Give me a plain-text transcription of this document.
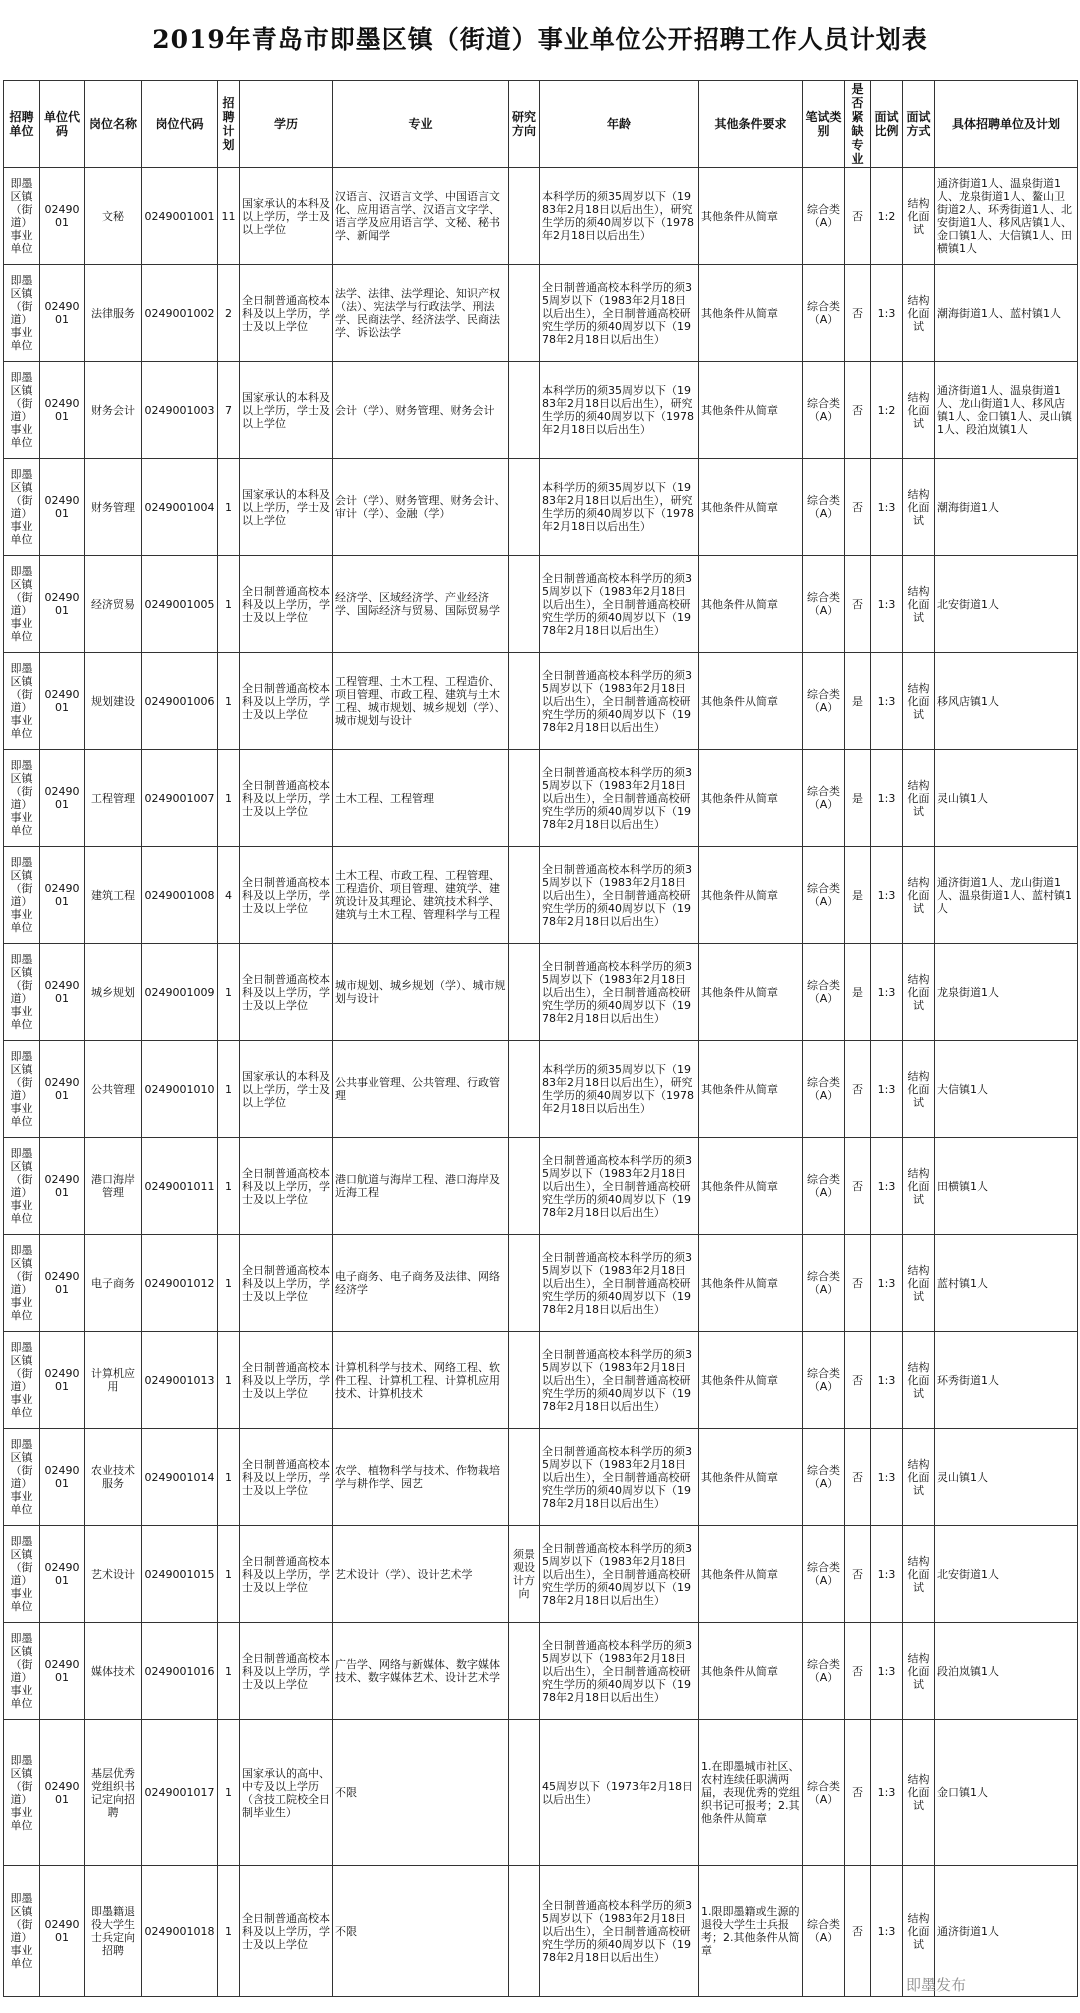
2019年青岛市即墨区镇（街道）事业单位公开招聘工作人员计划表
招聘单位	单位代码	岗位名称	岗位代码	招聘计划	学历	专业	研究方向	年龄	其他条件要求	笔试类别	是否紧缺专业	面试比例	面试方式	具体招聘单位及计划
即墨区镇（街道）事业单位	0249001	文秘	0249001001	11	国家承认的本科及以上学历，学士及以上学位	汉语言、汉语言文学、中国语言文化、应用语言学、汉语言文字学、语言学及应用语言学、文秘、秘书学、新闻学		本科学历的须35周岁以下（1983年2月18日以后出生），研究生学历的须40周岁以下（1978年2月18日以后出生）	其他条件从简章	综合类（A）	否	1:2	结构化面试	通济街道1人、温泉街道1人、龙泉街道1人、鳌山卫街道2人、环秀街道1人、北安街道1人、移风店镇1人、金口镇1人、大信镇1人、田横镇1人
即墨区镇（街道）事业单位	0249001	法律服务	0249001002	2	全日制普通高校本科及以上学历，学士及以上学位	法学、法律、法学理论、知识产权（法）、宪法学与行政法学、刑法学、民商法学、经济法学、民商法学、诉讼法学		全日制普通高校本科学历的须35周岁以下（1983年2月18日以后出生），全日制普通高校研究生学历的须40周岁以下（1978年2月18日以后出生）	其他条件从简章	综合类（A）	否	1:3	结构化面试	潮海街道1人、蓝村镇1人
即墨区镇（街道）事业单位	0249001	财务会计	0249001003	7	国家承认的本科及以上学历，学士及以上学位	会计（学）、财务管理、财务会计		本科学历的须35周岁以下（1983年2月18日以后出生），研究生学历的须40周岁以下（1978年2月18日以后出生）	其他条件从简章	综合类（A）	否	1:2	结构化面试	通济街道1人、温泉街道1人、龙山街道1人、移风店镇1人、金口镇1人、灵山镇1人、段泊岚镇1人
即墨区镇（街道）事业单位	0249001	财务管理	0249001004	1	国家承认的本科及以上学历，学士及以上学位	会计（学）、财务管理、财务会计、审计（学）、金融（学）		本科学历的须35周岁以下（1983年2月18日以后出生），研究生学历的须40周岁以下（1978年2月18日以后出生）	其他条件从简章	综合类（A）	否	1:3	结构化面试	潮海街道1人
即墨区镇（街道）事业单位	0249001	经济贸易	0249001005	1	全日制普通高校本科及以上学历，学士及以上学位	经济学、区域经济学、产业经济学、国际经济与贸易、国际贸易学		全日制普通高校本科学历的须35周岁以下（1983年2月18日以后出生），全日制普通高校研究生学历的须40周岁以下（1978年2月18日以后出生）	其他条件从简章	综合类（A）	否	1:3	结构化面试	北安街道1人
即墨区镇（街道）事业单位	0249001	规划建设	0249001006	1	全日制普通高校本科及以上学历，学士及以上学位	工程管理、土木工程、工程造价、项目管理、市政工程、建筑与土木工程、城市规划、城乡规划（学）、城市规划与设计		全日制普通高校本科学历的须35周岁以下（1983年2月18日以后出生），全日制普通高校研究生学历的须40周岁以下（1978年2月18日以后出生）	其他条件从简章	综合类（A）	是	1:3	结构化面试	移风店镇1人
即墨区镇（街道）事业单位	0249001	工程管理	0249001007	1	全日制普通高校本科及以上学历，学士及以上学位	土木工程、工程管理		全日制普通高校本科学历的须35周岁以下（1983年2月18日以后出生），全日制普通高校研究生学历的须40周岁以下（1978年2月18日以后出生）	其他条件从简章	综合类（A）	是	1:3	结构化面试	灵山镇1人
即墨区镇（街道）事业单位	0249001	建筑工程	0249001008	4	全日制普通高校本科及以上学历，学士及以上学位	土木工程、市政工程、工程管理、工程造价、项目管理、建筑学、建筑设计及其理论、建筑技术科学、建筑与土木工程、管理科学与工程		全日制普通高校本科学历的须35周岁以下（1983年2月18日以后出生），全日制普通高校研究生学历的须40周岁以下（1978年2月18日以后出生）	其他条件从简章	综合类（A）	是	1:3	结构化面试	通济街道1人、龙山街道1人、温泉街道1人、蓝村镇1人
即墨区镇（街道）事业单位	0249001	城乡规划	0249001009	1	全日制普通高校本科及以上学历，学士及以上学位	城市规划、城乡规划（学）、城市规划与设计		全日制普通高校本科学历的须35周岁以下（1983年2月18日以后出生），全日制普通高校研究生学历的须40周岁以下（1978年2月18日以后出生）	其他条件从简章	综合类（A）	是	1:3	结构化面试	龙泉街道1人
即墨区镇（街道）事业单位	0249001	公共管理	0249001010	1	国家承认的本科及以上学历，学士及以上学位	公共事业管理、公共管理、行政管理		本科学历的须35周岁以下（1983年2月18日以后出生），研究生学历的须40周岁以下（1978年2月18日以后出生）	其他条件从简章	综合类（A）	否	1:3	结构化面试	大信镇1人
即墨区镇（街道）事业单位	0249001	港口海岸管理	0249001011	1	全日制普通高校本科及以上学历，学士及以上学位	港口航道与海岸工程、港口海岸及近海工程		全日制普通高校本科学历的须35周岁以下（1983年2月18日以后出生），全日制普通高校研究生学历的须40周岁以下（1978年2月18日以后出生）	其他条件从简章	综合类（A）	否	1:3	结构化面试	田横镇1人
即墨区镇（街道）事业单位	0249001	电子商务	0249001012	1	全日制普通高校本科及以上学历，学士及以上学位	电子商务、电子商务及法律、网络经济学		全日制普通高校本科学历的须35周岁以下（1983年2月18日以后出生），全日制普通高校研究生学历的须40周岁以下（1978年2月18日以后出生）	其他条件从简章	综合类（A）	否	1:3	结构化面试	蓝村镇1人
即墨区镇（街道）事业单位	0249001	计算机应用	0249001013	1	全日制普通高校本科及以上学历，学士及以上学位	计算机科学与技术、网络工程、软件工程、计算机工程、计算机应用技术、计算机技术		全日制普通高校本科学历的须35周岁以下（1983年2月18日以后出生），全日制普通高校研究生学历的须40周岁以下（1978年2月18日以后出生）	其他条件从简章	综合类（A）	否	1:3	结构化面试	环秀街道1人
即墨区镇（街道）事业单位	0249001	农业技术服务	0249001014	1	全日制普通高校本科及以上学历，学士及以上学位	农学、植物科学与技术、作物栽培学与耕作学、园艺		全日制普通高校本科学历的须35周岁以下（1983年2月18日以后出生），全日制普通高校研究生学历的须40周岁以下（1978年2月18日以后出生）	其他条件从简章	综合类（A）	否	1:3	结构化面试	灵山镇1人
即墨区镇（街道）事业单位	0249001	艺术设计	0249001015	1	全日制普通高校本科及以上学历，学士及以上学位	艺术设计（学）、设计艺术学	须景观设计方向	全日制普通高校本科学历的须35周岁以下（1983年2月18日以后出生），全日制普通高校研究生学历的须40周岁以下（1978年2月18日以后出生）	其他条件从简章	综合类（A）	否	1:3	结构化面试	北安街道1人
即墨区镇（街道）事业单位	0249001	媒体技术	0249001016	1	全日制普通高校本科及以上学历，学士及以上学位	广告学、网络与新媒体、数字媒体技术、数字媒体艺术、设计艺术学		全日制普通高校本科学历的须35周岁以下（1983年2月18日以后出生），全日制普通高校研究生学历的须40周岁以下（1978年2月18日以后出生）	其他条件从简章	综合类（A）	否	1:3	结构化面试	段泊岚镇1人
即墨区镇（街道）事业单位	0249001	基层优秀党组织书记定向招聘	0249001017	1	国家承认的高中、中专及以上学历（含技工院校全日制毕业生）	不限		45周岁以下（1973年2月18日以后出生）	1.在即墨城市社区、农村连续任职满两届，表现优秀的党组织书记可报考；2.其他条件从简章	综合类（A）	否	1:3	结构化面试	金口镇1人
即墨区镇（街道）事业单位	0249001	即墨籍退役大学生士兵定向招聘	0249001018	1	全日制普通高校本科及以上学历，学士及以上学位	不限		全日制普通高校本科学历的须35周岁以下（1983年2月18日以后出生），全日制普通高校研究生学历的须40周岁以下（1978年2月18日以后出生）	1.限即墨籍或生源的退役大学生士兵报考；2.其他条件从简章	综合类（A）	否	1:3	结构化面试	通济街道1人
即墨发布
